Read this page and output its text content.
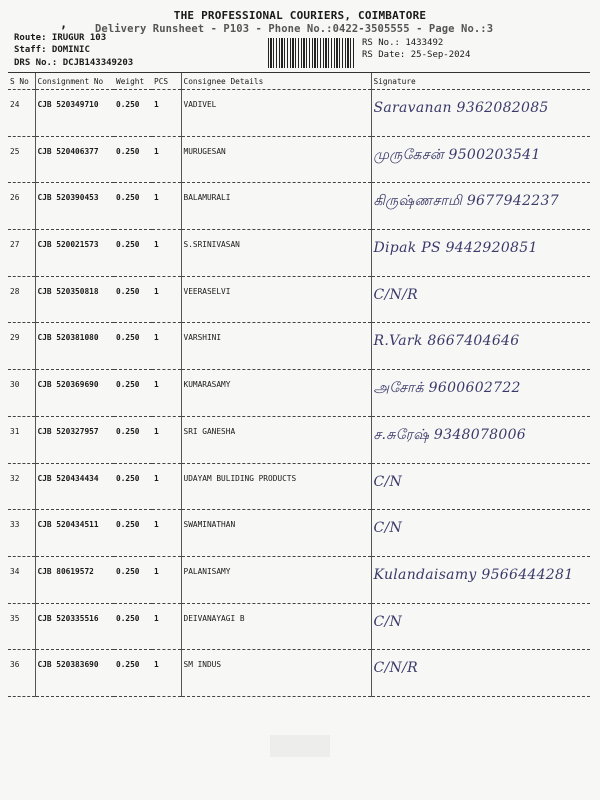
THE PROFESSIONAL COURIERS, COIMBATORE
,	Delivery Runsheet - P103 - Phone No.:0422-3505555 - Page No.:3
Route: IRUGUR 103
Staff: DOMINIC
DRS No.: DCJB143349203
RS No.: 1433492
RS Date: 25-Sep-2024
S No	Consignment No	Weight	PCS	Consignee Details	Signature
24	CJB 520349710	0.250	1	VADIVEL	Saravanan 9362082085
25	CJB 520406377	0.250	1	MURUGESAN	முருகேசன் 9500203541
26	CJB 520390453	0.250	1	BALAMURALI	கிருஷ்ணசாமி 9677942237
27	CJB 520021573	0.250	1	S.SRINIVASAN	Dipak PS 9442920851
28	CJB 520350818	0.250	1	VEERASELVI	C/N/R
29	CJB 520381080	0.250	1	VARSHINI	R.Vark 8667404646
30	CJB 520369690	0.250	1	KUMARASAMY	அசோக் 9600602722
31	CJB 520327957	0.250	1	SRI GANESHA	ச.சுரேஷ் 9348078006
32	CJB 520434434	0.250	1	UDAYAM BULIDING PRODUCTS	C/N
33	CJB 520434511	0.250	1	SWAMINATHAN	C/N
34	CJB 80619572	0.250	1	PALANISAMY	Kulandaisamy 9566444281
35	CJB 520335516	0.250	1	DEIVANAYAGI B	C/N
36	CJB 520383690	0.250	1	SM INDUS	C/N/R
